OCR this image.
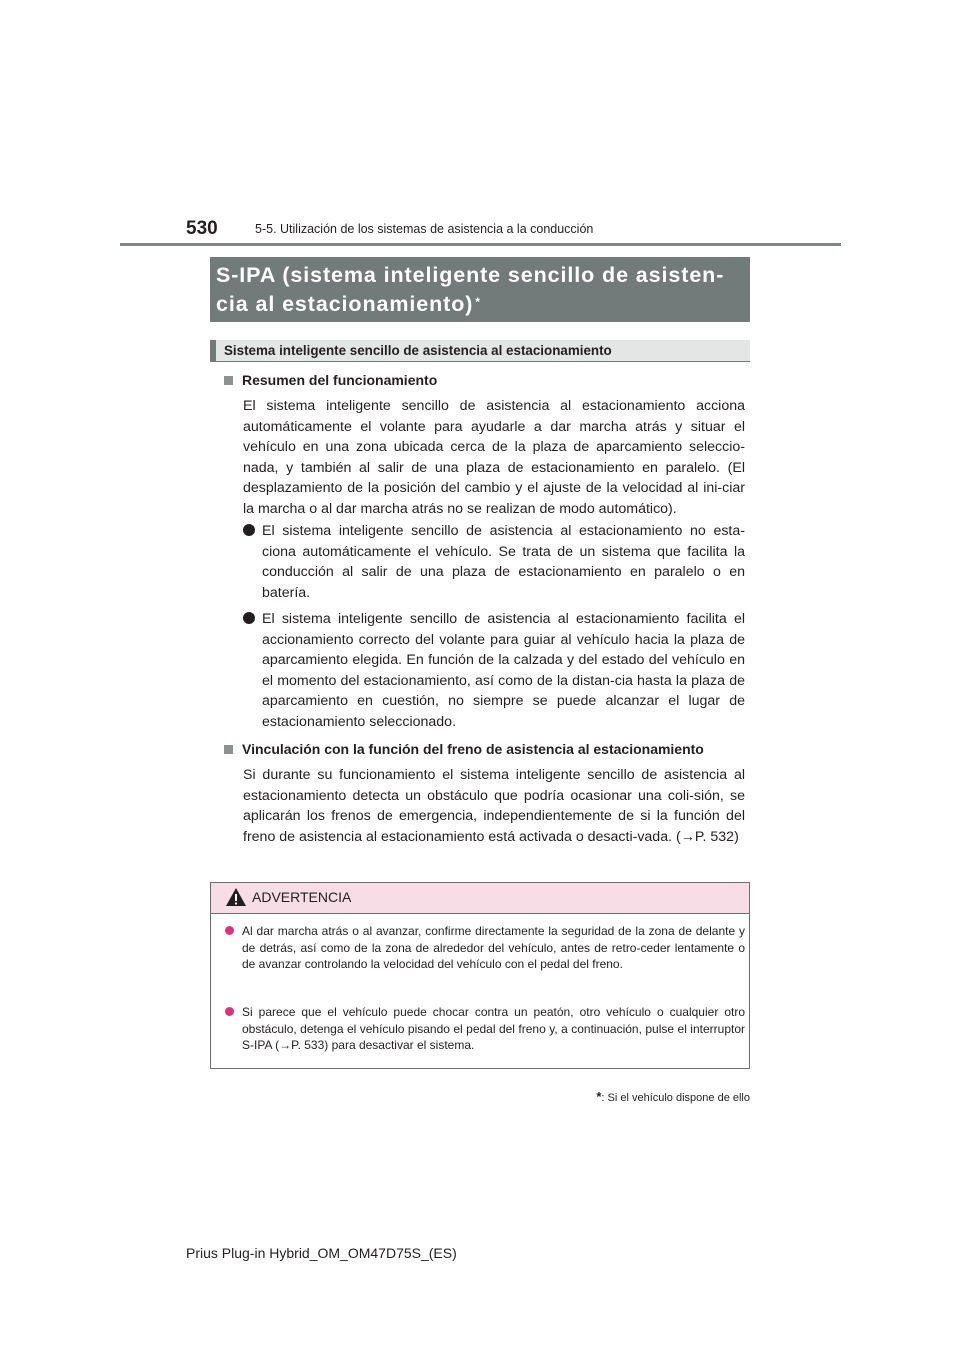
530	5-5. Utilización de los sistemas de asistencia a la conducción
S-IPA (sistema inteligente sencillo de asisten-
cia al estacionamiento) *
Sistema inteligente sencillo de asistencia al estacionamiento
Resumen del funcionamiento

El sistema inteligente sencillo de asistencia al estacionamiento acciona automáticamente el volante para ayudarle a dar marcha atrás y situar el vehículo en una zona ubicada cerca de la plaza de aparcamiento seleccio-nada, y también al salir de una plaza de estacionamiento en paralelo. (El desplazamiento de la posición del cambio y el ajuste de la velocidad al ini-ciar la marcha o al dar marcha atrás no se realizan de modo automático).

El sistema inteligente sencillo de asistencia al estacionamiento no esta-ciona automáticamente el vehículo. Se trata de un sistema que facilita la conducción al salir de una plaza de estacionamiento en paralelo o en batería.

El sistema inteligente sencillo de asistencia al estacionamiento facilita el accionamiento correcto del volante para guiar al vehículo hacia la plaza de aparcamiento elegida. En función de la calzada y del estado del vehículo en el momento del estacionamiento, así como de la distan-cia hasta la plaza de aparcamiento en cuestión, no siempre se puede alcanzar el lugar de estacionamiento seleccionado.

Vinculación con la función del freno de asistencia al estacionamiento

Si durante su funcionamiento el sistema inteligente sencillo de asistencia al estacionamiento detecta un obstáculo que podría ocasionar una coli-sión, se aplicarán los frenos de emergencia, independientemente de si la función del freno de asistencia al estacionamiento está activada o desacti-vada. (→P. 532)

ADVERTENCIA

Al dar marcha atrás o al avanzar, confirme directamente la seguridad de la zona de delante y de detrás, así como de la zona de alrededor del vehículo, antes de retro-ceder lentamente o de avanzar controlando la velocidad del vehículo con el pedal del freno.

Si parece que el vehículo puede chocar contra un peatón, otro vehículo o cualquier otro obstáculo, detenga el vehículo pisando el pedal del freno y, a continuación, pulse el interruptor S-IPA (→P. 533) para desactivar el sistema.

*: Si el vehículo dispone de ello
Prius Plug-in Hybrid_OM_OM47D75S_(ES)
